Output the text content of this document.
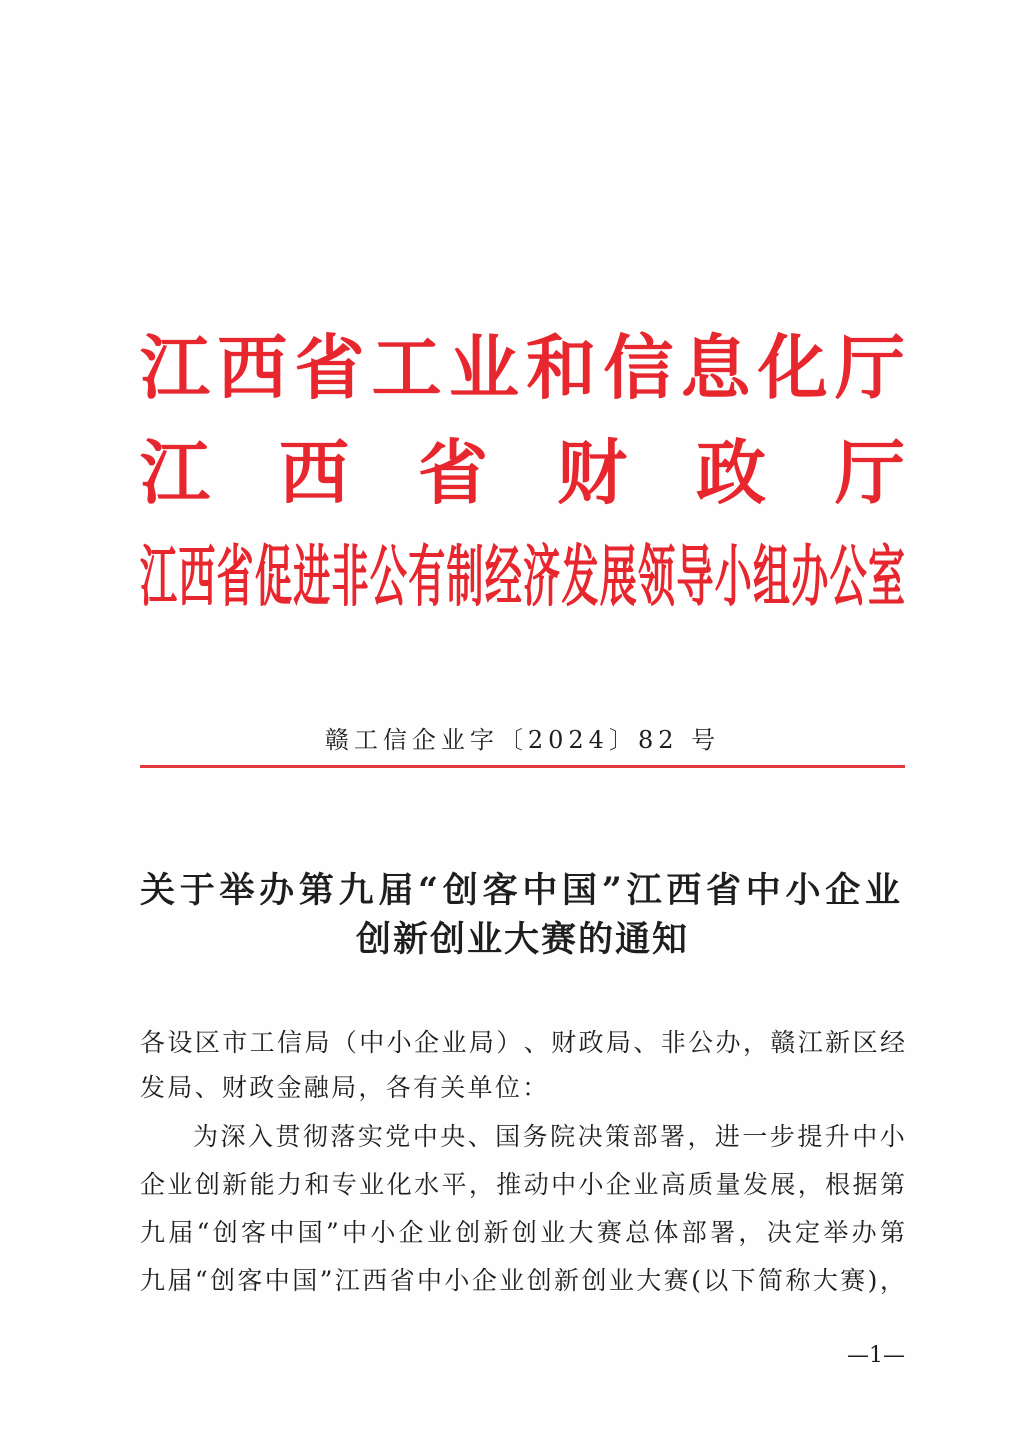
江 西 省 工 业 和 信 息 化 厅
江 西 省 财 政 厅
江 西 省 促 进 非 公 有 制 经 济 发 展 领 导 小 组 办 公 室
赣工信企业字〔2024〕82 号
关 于 举 办 第 九 届 “ 创 客 中 国 ” 江 西 省 中 小 企 业
创新创业大赛的通知
各 设 区 市 工 信 局 （ 中 小 企 业 局 ） 、 财 政 局 、 非 公 办 ， 赣 江 新 区 经
发局、财政金融局，各有关单位：
为 深 入 贯 彻 落 实 党 中 央 、 国 务 院 决 策 部 署 ， 进 一 步 提 升 中 小
企 业 创 新 能 力 和 专 业 化 水 平 ， 推 动 中 小 企 业 高 质 量 发 展 ， 根 据 第
九 届 “ 创 客 中 国 ” 中 小 企 业 创 新 创 业 大 赛 总 体 部 署 ， 决 定 举 办 第
九 届 “ 创 客 中 国 ” 江 西 省 中 小 企 业 创 新 创 业 大 赛 ( 以 下 简 称 大 赛 ) ，
—1—
